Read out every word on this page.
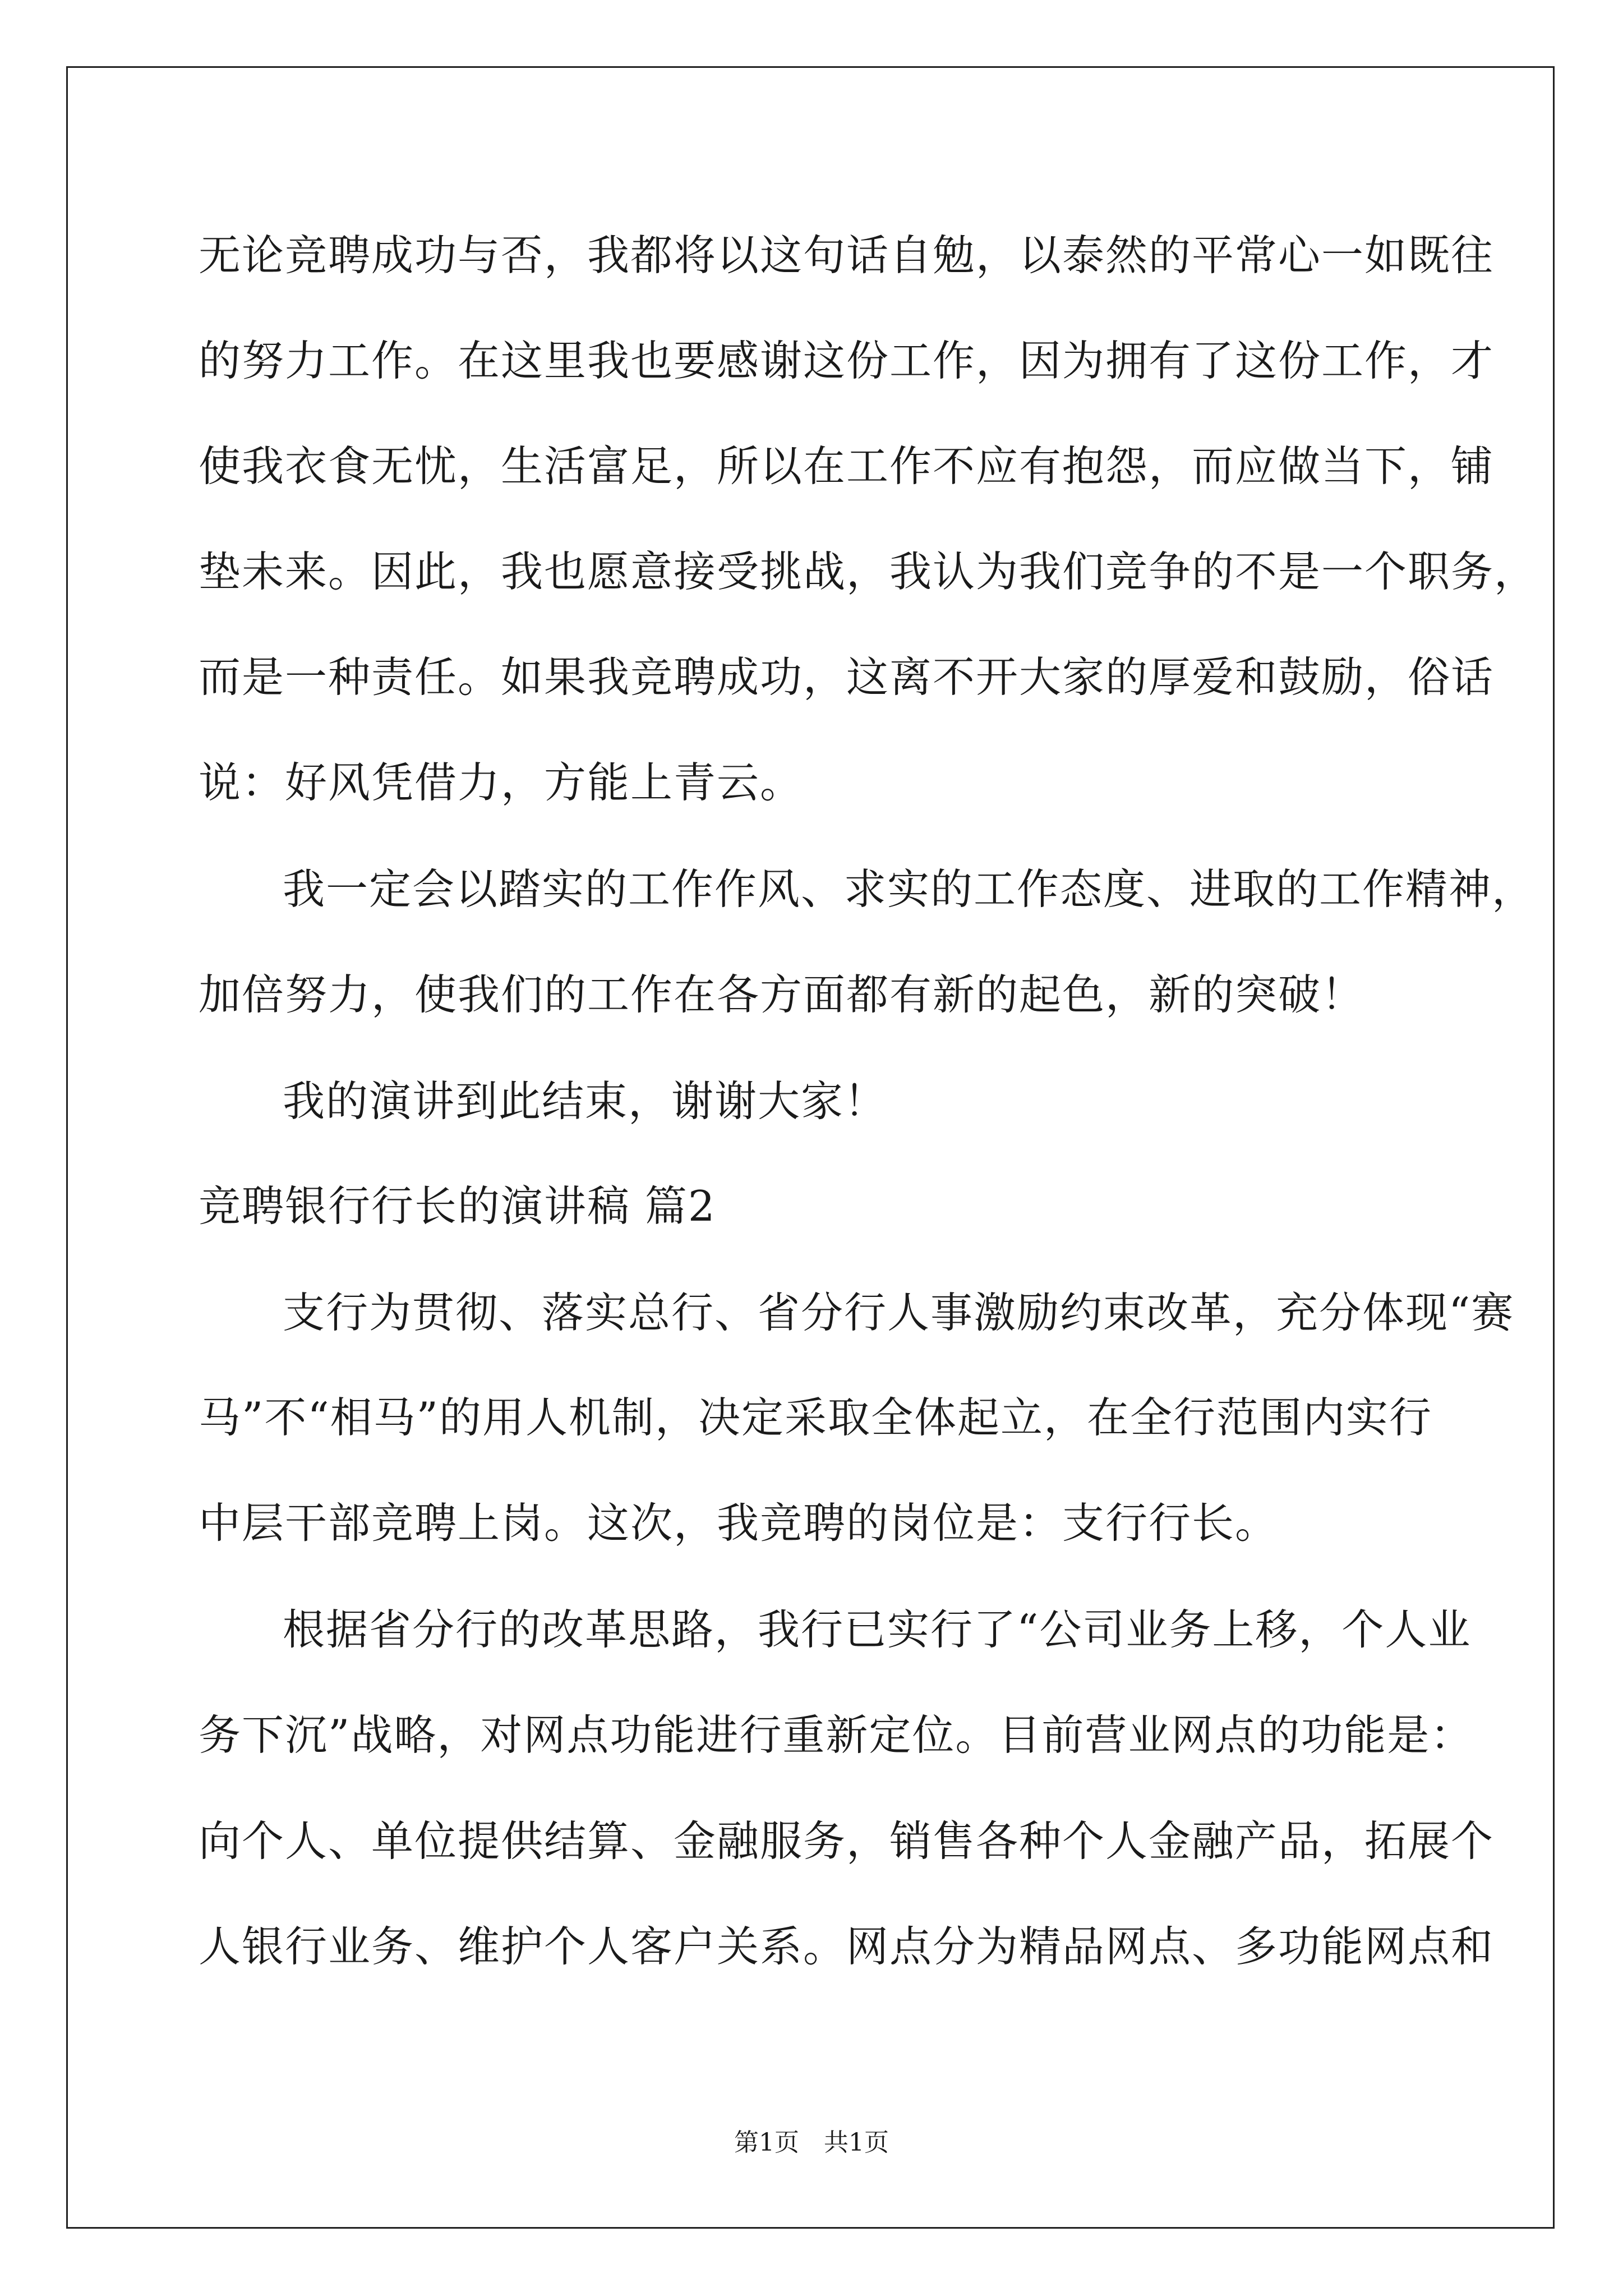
无论竞聘成功与否，我都将以这句话自勉，以泰然的平常心一如既往
的努力工作。在这里我也要感谢这份工作，因为拥有了这份工作，才
使我衣食无忧，生活富足，所以在工作不应有抱怨，而应做当下，铺
垫未来。因此，我也愿意接受挑战，我认为我们竞争的不是一个职务，
而是一种责任。如果我竞聘成功，这离不开大家的厚爱和鼓励，俗话
说：好风凭借力，方能上青云。
我一定会以踏实的工作作风、求实的工作态度、进取的工作精神，
加倍努力，使我们的工作在各方面都有新的起色，新的突破！
我的演讲到此结束，谢谢大家！
竞聘银行行长的演讲稿 篇2
支行为贯彻、落实总行、省分行人事激励约束改革，充分体现“赛
马”不“相马”的用人机制，决定采取全体起立，在全行范围内实行
中层干部竞聘上岗。这次，我竞聘的岗位是：支行行长。
根据省分行的改革思路，我行已实行了“公司业务上移，个人业
务下沉”战略，对网点功能进行重新定位。目前营业网点的功能是：
向个人、单位提供结算、金融服务，销售各种个人金融产品，拓展个
人银行业务、维护个人客户关系。网点分为精品网点、多功能网点和
第1页　共1页
